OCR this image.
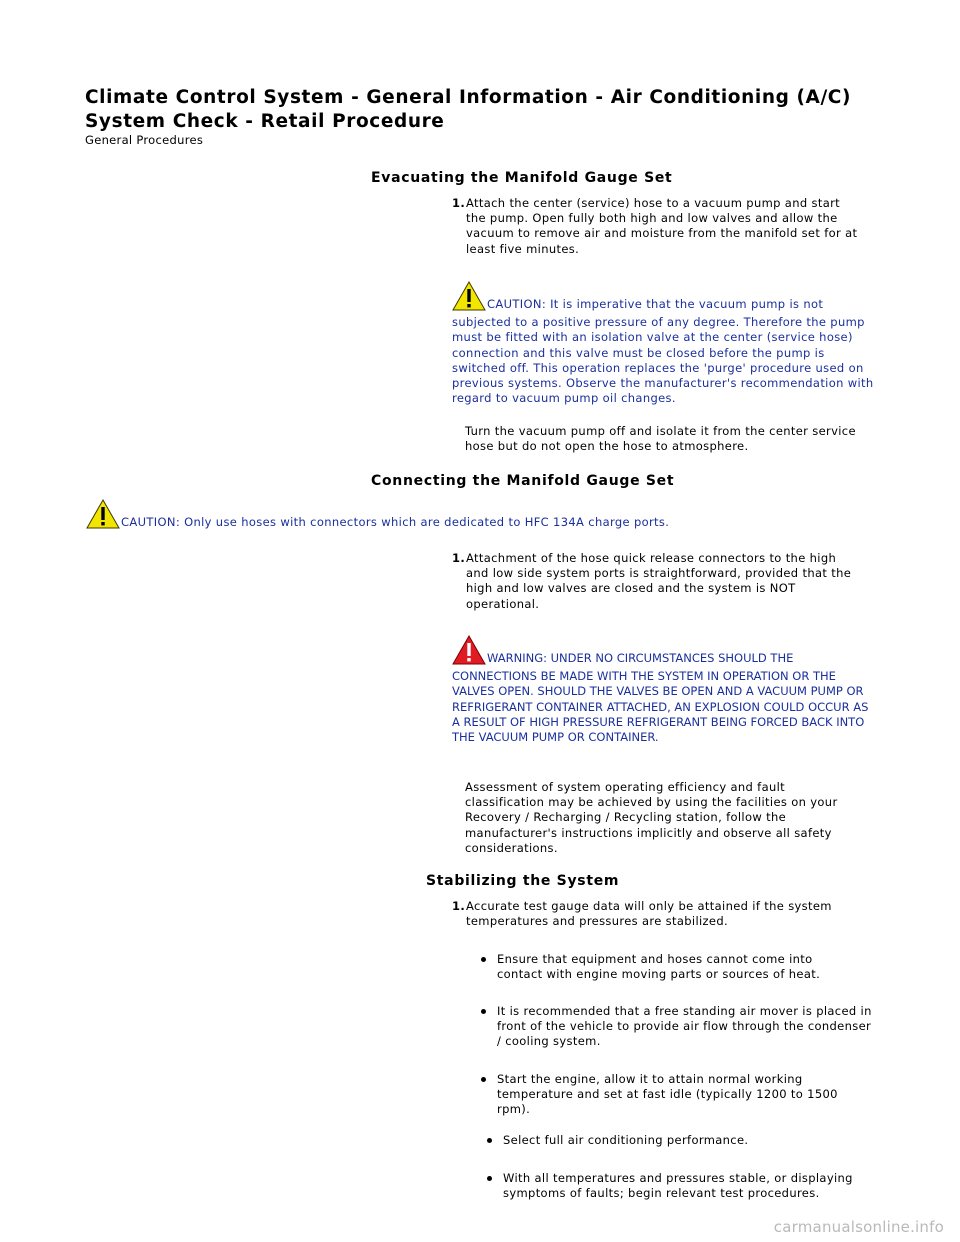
Climate Control System - General Information - Air Conditioning (A/C)
System Check - Retail Procedure
General Procedures
Evacuating the Manifold Gauge Set
1. Attach the center (service) hose to a vacuum pump and start the pump. Open fully both high and low valves and allow the vacuum to remove air and moisture from the manifold set for at least five minutes.
CAUTION: It is imperative that the vacuum pump is not subjected to a positive pressure of any degree. Therefore the pump must be fitted with an isolation valve at the center (service hose) connection and this valve must be closed before the pump is switched off. This operation replaces the 'purge' procedure used on previous systems. Observe the manufacturer's recommendation with regard to vacuum pump oil changes.
Turn the vacuum pump off and isolate it from the center service hose but do not open the hose to atmosphere.
Connecting the Manifold Gauge Set
CAUTION: Only use hoses with connectors which are dedicated to HFC 134A charge ports.
1. Attachment of the hose quick release connectors to the high and low side system ports is straightforward, provided that the high and low valves are closed and the system is NOT operational.
WARNING: UNDER NO CIRCUMSTANCES SHOULD THE CONNECTIONS BE MADE WITH THE SYSTEM IN OPERATION OR THE VALVES OPEN. SHOULD THE VALVES BE OPEN AND A VACUUM PUMP OR REFRIGERANT CONTAINER ATTACHED, AN EXPLOSION COULD OCCUR AS A RESULT OF HIGH PRESSURE REFRIGERANT BEING FORCED BACK INTO THE VACUUM PUMP OR CONTAINER.
Assessment of system operating efficiency and fault classification may be achieved by using the facilities on your Recovery / Recharging / Recycling station, follow the manufacturer's instructions implicitly and observe all safety considerations.
Stabilizing the System
1. Accurate test gauge data will only be attained if the system temperatures and pressures are stabilized.
Ensure that equipment and hoses cannot come into contact with engine moving parts or sources of heat.
It is recommended that a free standing air mover is placed in front of the vehicle to provide air flow through the condenser / cooling system.
Start the engine, allow it to attain normal working temperature and set at fast idle (typically 1200 to 1500 rpm).
Select full air conditioning performance.
With all temperatures and pressures stable, or displaying symptoms of faults; begin relevant test procedures.
carmanualsonline.info
